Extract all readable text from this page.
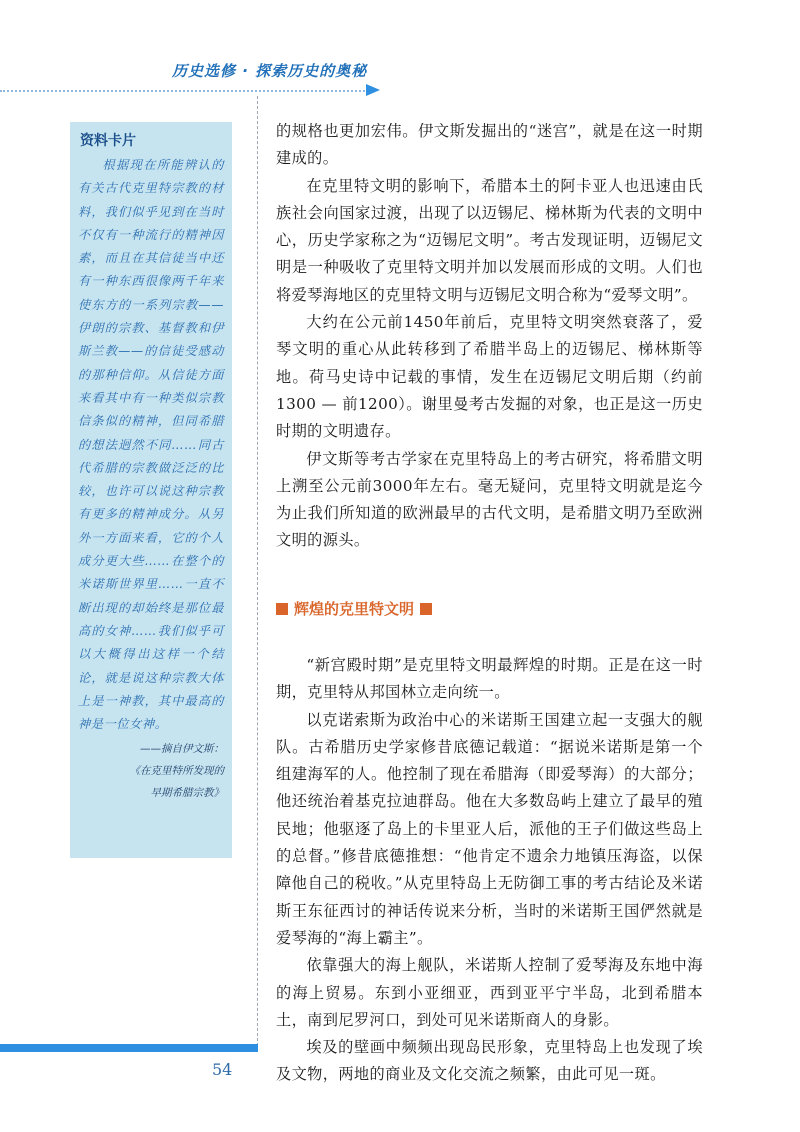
历史选修 · 探索历史的奥秘
资料卡片
根据现在所能辨认的有关古代克里特宗教的材料，我们似乎见到在当时不仅有一种流行的精神因素，而且在其信徒当中还有一种东西很像两千年来使东方的一系列宗教——伊朗的宗教、基督教和伊斯兰教——的信徒受感动的那种信仰。从信徒方面来看其中有一种类似宗教信条似的精神，但同希腊的想法迥然不同……同古代希腊的宗教做泛泛的比较，也许可以说这种宗教有更多的精神成分。从另外一方面来看，它的个人成分更大些……在整个的米诺斯世界里……一直不断出现的却始终是那位最高的女神……我们似乎可以大概得出这样一个结论，就是说这种宗教大体上是一神教，其中最高的神是一位女神。
——摘自伊文斯：
《在克里特所发现的
早期希腊宗教》

的规格也更加宏伟。伊文斯发掘出的“迷宫”，就是在这一时期建成的。

在克里特文明的影响下，希腊本土的阿卡亚人也迅速由氏族社会向国家过渡，出现了以迈锡尼、梯林斯为代表的文明中心，历史学家称之为“迈锡尼文明”。考古发现证明，迈锡尼文明是一种吸收了克里特文明并加以发展而形成的文明。人们也将爱琴海地区的克里特文明与迈锡尼文明合称为“爱琴文明”。

大约在公元前1450年前后，克里特文明突然衰落了，爱琴文明的重心从此转移到了希腊半岛上的迈锡尼、梯林斯等地。荷马史诗中记载的事情，发生在迈锡尼文明后期（约前1300 — 前1200）。谢里曼考古发掘的对象，也正是这一历史时期的文明遗存。

伊文斯等考古学家在克里特岛上的考古研究，将希腊文明上溯至公元前3000年左右。毫无疑问，克里特文明就是迄今为止我们所知道的欧洲最早的古代文明，是希腊文明乃至欧洲文明的源头。

辉煌的克里特文明

“新宫殿时期”是克里特文明最辉煌的时期。正是在这一时期，克里特从邦国林立走向统一。

以克诺索斯为政治中心的米诺斯王国建立起一支强大的舰队。古希腊历史学家修昔底德记载道：“据说米诺斯是第一个组建海军的人。他控制了现在希腊海（即爱琴海）的大部分；他还统治着基克拉迪群岛。他在大多数岛屿上建立了最早的殖民地；他驱逐了岛上的卡里亚人后，派他的王子们做这些岛上的总督。”修昔底德推想：“他肯定不遗余力地镇压海盗，以保障他自己的税收。”从克里特岛上无防御工事的考古结论及米诺斯王东征西讨的神话传说来分析，当时的米诺斯王国俨然就是爱琴海的“海上霸主”。

依靠强大的海上舰队，米诺斯人控制了爱琴海及东地中海的海上贸易。东到小亚细亚，西到亚平宁半岛，北到希腊本土，南到尼罗河口，到处可见米诺斯商人的身影。

埃及的壁画中频频出现岛民形象，克里特岛上也发现了埃及文物，两地的商业及文化交流之频繁，由此可见一斑。

54
